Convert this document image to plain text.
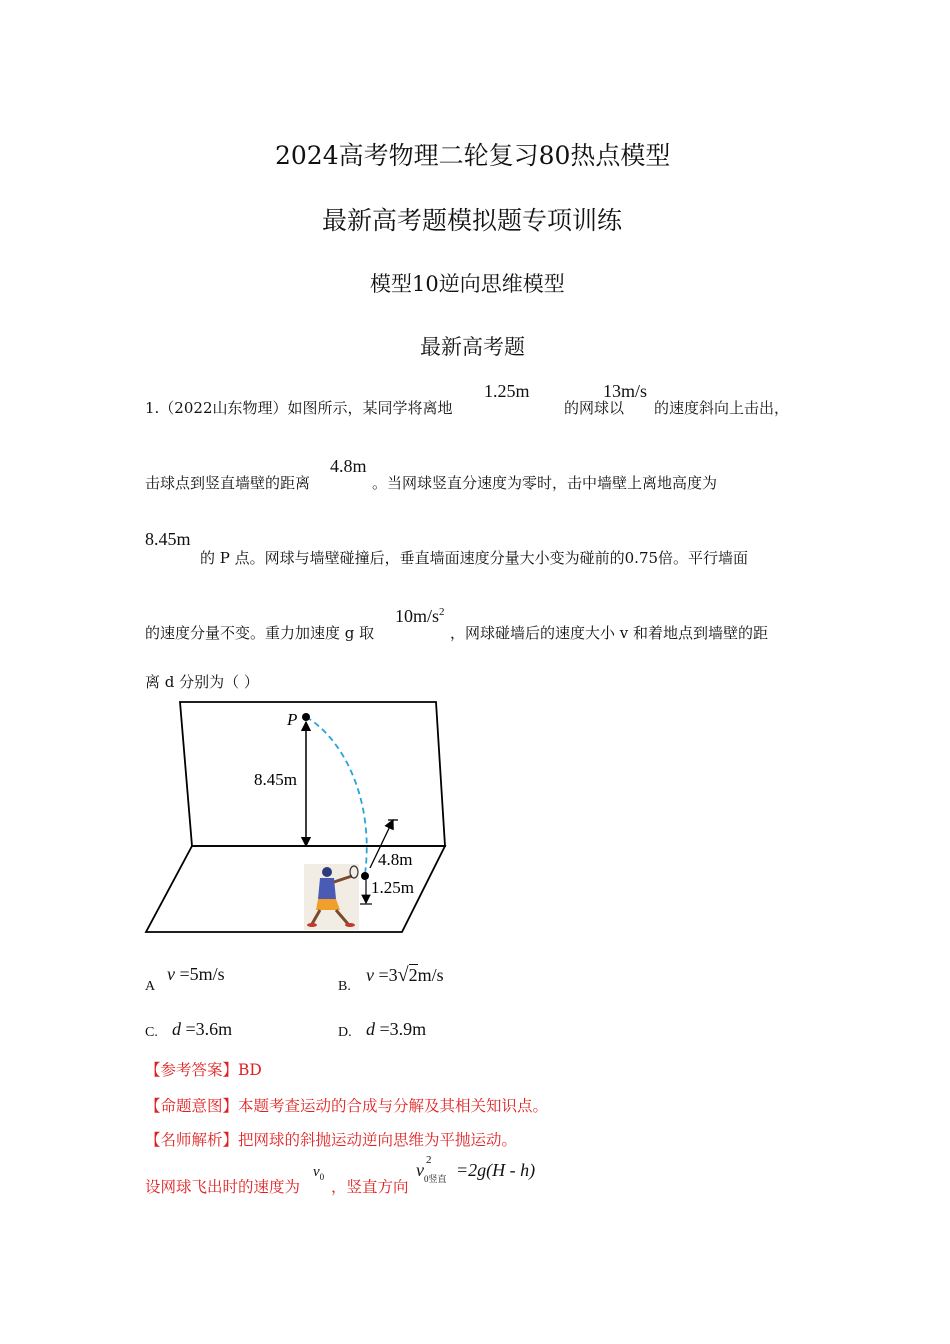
2024高考物理二轮复习80热点模型
最新高考题模拟题专项训练
模型10逆向思维模型
最新高考题
1.（2022山东物理）如图所示，某同学将离地
1.25m
的网球以
13m/s
的速度斜向上击出，
击球点到竖直墙壁的距离
4.8m
。当网球竖直分速度为零时，击中墙壁上离地高度为
8.45m
的 P 点。网球与墙壁碰撞后，垂直墙面速度分量大小变为碰前的0.75倍。平行墙面
的速度分量不变。重力加速度 g 取
$10m/s^2$
，网球碰墙后的速度大小 v 和着地点到墙壁的距
离 d 分别为（ ）
P
8.45m
4.8m
1.25m
A
v =5m/s
B.
v =3√2m/s
C. d =3.6m	D. d =3.9m
【参考答案】BD
【命题意图】本题考查运动的合成与分解及其相关知识点。
【名师解析】把网球的斜抛运动逆向思维为平抛运动。
设网球飞出时的速度为
$v_0$
，竖直方向
v
2
0竖直 =2g(H - h)
